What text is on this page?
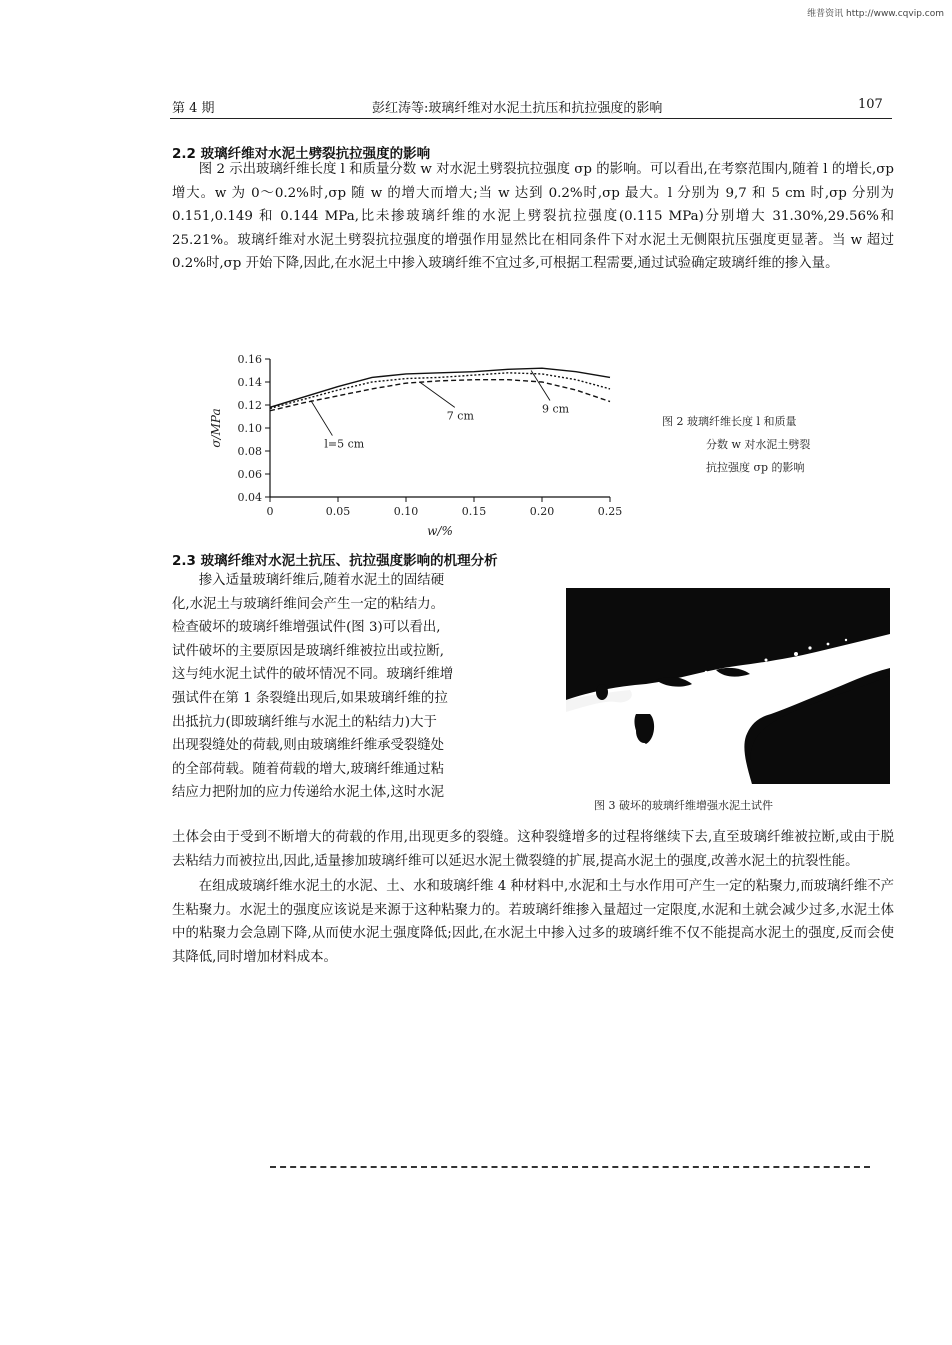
维普资讯 http://www.cqvip.com
第 4 期	彭红涛等:玻璃纤维对水泥土抗压和抗拉强度的影响	107
2.2 玻璃纤维对水泥土劈裂抗拉强度的影响

图 2 示出玻璃纤维长度 l 和质量分数 w 对水泥土劈裂抗拉强度 σp 的影响。可以看出,在考察范围内,随着 l 的增长,σp 增大。w 为 0～0.2%时,σp 随 w 的增大而增大;当 w 达到 0.2%时,σp 最大。l 分别为 9,7 和 5 cm 时,σp 分别为 0.151,0.149 和 0.144 MPa,比未掺玻璃纤维的水泥上劈裂抗拉强度(0.115 MPa)分别增大 31.30%,29.56%和 25.21%。玻璃纤维对水泥土劈裂抗拉强度的增强作用显然比在相同条件下对水泥土无侧限抗压强度更显著。当 w 超过 0.2%时,σp 开始下降,因此,在水泥土中掺入玻璃纤维不宜过多,可根据工程需要,通过试验确定玻璃纤维的掺入量。

0.04
0.06
0.08
0.10
0.12
0.14
0.16
0	0.05	0.10	0.15	0.20	0.25
w/%
σ/MPa	l=5 cm
7 cm
9 cm
图 2 玻璃纤维长度 l 和质量
分数 w 对水泥土劈裂
抗拉强度 σp 的影响
2.3 玻璃纤维对水泥土抗压、抗拉强度影响的机理分析
掺入适量玻璃纤维后,随着水泥土的固结硬
化,水泥土与玻璃纤维间会产生一定的粘结力。
检查破坏的玻璃纤维增强试件(图 3)可以看出,
试件破坏的主要原因是玻璃纤维被拉出或拉断,
这与纯水泥土试件的破坏情况不同。玻璃纤维增
强试件在第 1 条裂缝出现后,如果玻璃纤维的拉
出抵抗力(即玻璃纤维与水泥土的粘结力)大于
出现裂缝处的荷载,则由玻璃维纤维承受裂缝处
的全部荷载。随着荷载的增大,玻璃纤维通过粘
结应力把附加的应力传递给水泥土体,这时水泥
图 3 破坏的玻璃纤维增强水泥土试件
土体会由于受到不断增大的荷载的作用,出现更多的裂缝。这种裂缝增多的过程将继续下去,直至玻璃纤维被拉断,或由于脱去粘结力而被拉出,因此,适量掺加玻璃纤维可以延迟水泥土微裂缝的扩展,提高水泥土的强度,改善水泥土的抗裂性能。

在组成玻璃纤维水泥土的水泥、土、水和玻璃纤维 4 种材料中,水泥和土与水作用可产生一定的粘聚力,而玻璃纤维不产生粘聚力。水泥土的强度应该说是来源于这种粘聚力的。若玻璃纤维掺入量超过一定限度,水泥和土就会减少过多,水泥土体中的粘聚力会急剧下降,从而使水泥土强度降低;因此,在水泥土中掺入过多的玻璃纤维不仅不能提高水泥土的强度,反而会使其降低,同时增加材料成本。
